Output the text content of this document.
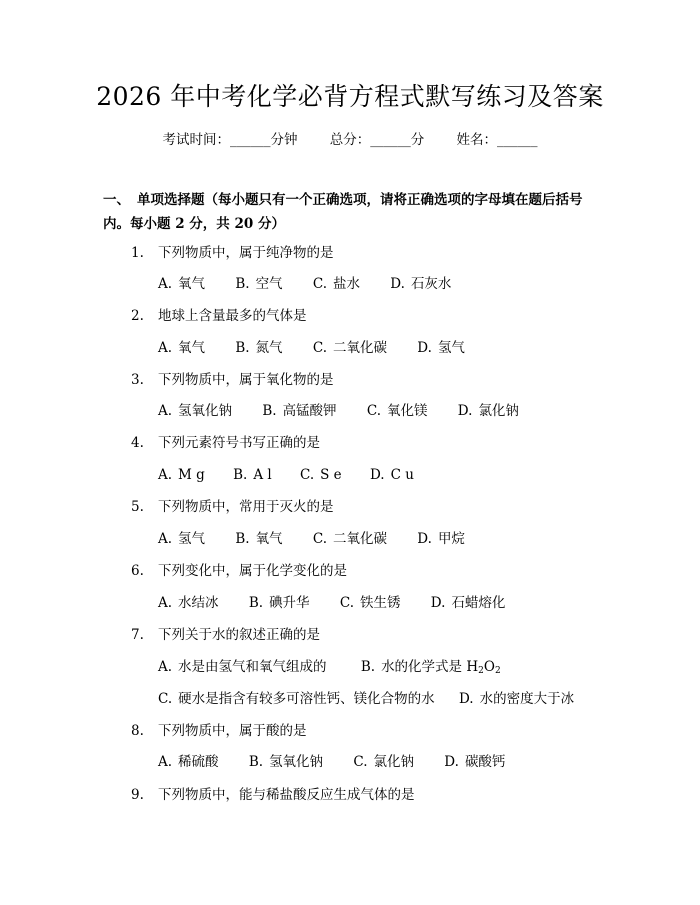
2026 年中考化学必背方程式默写练习及答案
考试时间：______分钟 总分：______分 姓名：______
一、 单项选择题（每小题只有一个正确选项，请将正确选项的字母填在题后括号内。每小题 2 分，共 20 分）
1. 下列物质中，属于纯净物的是
A. 氧气 B. 空气 C. 盐水 D. 石灰水
2. 地球上含量最多的气体是
A. 氧气 B. 氮气 C. 二氧化碳 D. 氢气
3. 下列物质中，属于氧化物的是
A. 氢氧化钠 B. 高锰酸钾 C. 氧化镁 D. 氯化钠
4. 下列元素符号书写正确的是
A. M g B. A l C. S e D. C u
5. 下列物质中，常用于灭火的是
A. 氢气 B. 氧气 C. 二氧化碳 D. 甲烷
6. 下列变化中，属于化学变化的是
A. 水结冰 B. 碘升华 C. 铁生锈 D. 石蜡熔化
7. 下列关于水的叙述正确的是
A. 水是由氢气和氧气组成的	B. 水的化学式是 $H_2O_2$
C. 硬水是指含有较多可溶性钙、镁化合物的水 D. 水的密度大于冰
8. 下列物质中，属于酸的是
A. 稀硫酸 B. 氢氧化钠 C. 氯化钠 D. 碳酸钙
9. 下列物质中，能与稀盐酸反应生成气体的是
